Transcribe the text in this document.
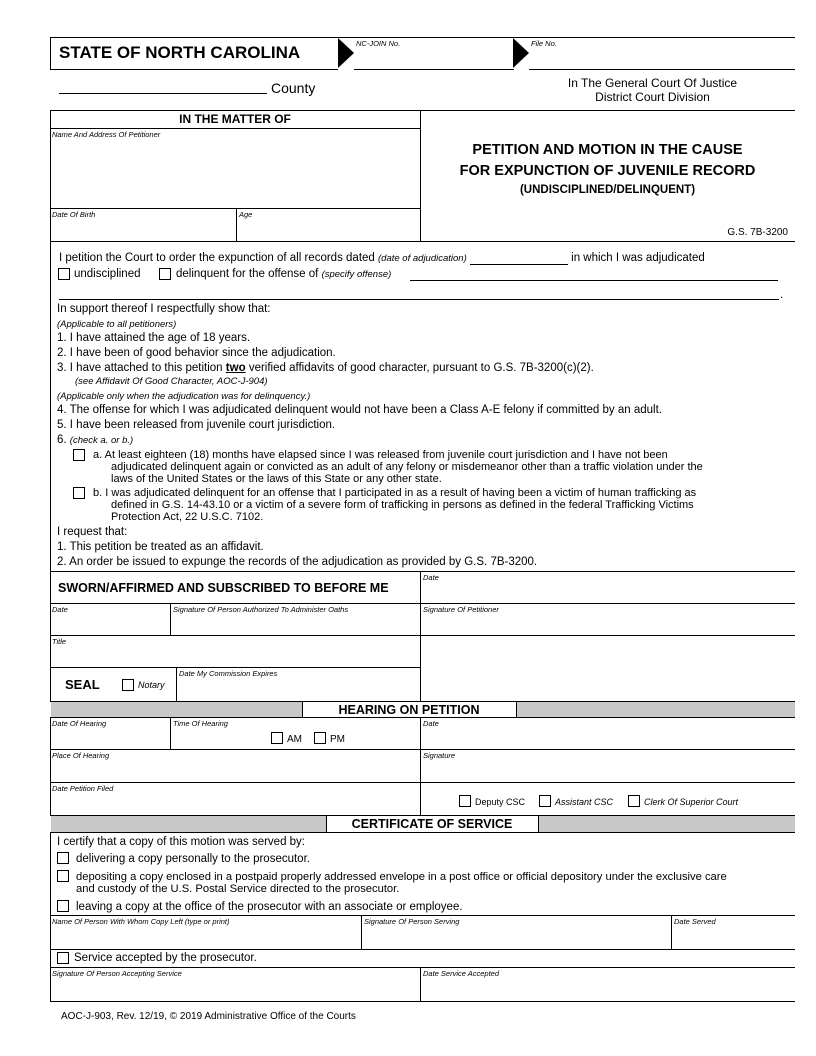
STATE OF NORTH CAROLINA	NC-JOIN No.	File No.
County	In The General Court Of Justice
District Court Division
IN THE MATTER OF
Name And Address Of Petitioner
Date Of Birth	Age
PETITION AND MOTION IN THE CAUSE
FOR EXPUNCTION OF JUVENILE RECORD
(UNDISCIPLINED/DELINQUENT)
G.S. 7B-3200
I petition the Court to order the expunction of all records dated (date of adjudication)	in which I was adjudicated
undisciplined	delinquent for the offense of (specify offense)
.
In support thereof I respectfully show that:
(Applicable to all petitioners)
1. I have attained the age of 18 years.
2. I have been of good behavior since the adjudication.
3. I have attached to this petition two verified affidavits of good character, pursuant to G.S. 7B-3200(c)(2).
(see Affidavit Of Good Character, AOC-J-904)
(Applicable only when the adjudication was for delinquency.)
4. The offense for which I was adjudicated delinquent would not have been a Class A-E felony if committed by an adult.
5. I have been released from juvenile court jurisdiction.
6. (check a. or b.)
a. At least eighteen (18) months have elapsed since I was released from juvenile court jurisdiction and I have not been
adjudicated delinquent again or convicted as an adult of any felony or misdemeanor other than a traffic violation under the
laws of the United States or the laws of this State or any other state.
b. I was adjudicated delinquent for an offense that I participated in as a result of having been a victim of human trafficking as
defined in G.S. 14-43.10 or a victim of a severe form of trafficking in persons as defined in the federal Trafficking Victims
Protection Act, 22 U.S.C. 7102.
I request that:
1. This petition be treated as an affidavit.
2. An order be issued to expunge the records of the adjudication as provided by G.S. 7B-3200.
SWORN/AFFIRMED AND SUBSCRIBED TO BEFORE ME
Date
Date	Signature Of Person Authorized To Administer Oaths	Signature Of Petitioner
Title
SEAL	Notary
Date My Commission Expires
HEARING ON PETITION
Date Of Hearing	Time Of Hearing
AM	PM
Date
Place Of Hearing	Signature
Date Petition Filed
Deputy CSC	Assistant CSC	Clerk Of Superior Court
CERTIFICATE OF SERVICE
I certify that a copy of this motion was served by:
delivering a copy personally to the prosecutor.
depositing a copy enclosed in a postpaid properly addressed envelope in a post office or official depository under the exclusive care
and custody of the U.S. Postal Service directed to the prosecutor.
leaving a copy at the office of the prosecutor with an associate or employee.
Name Of Person With Whom Copy Left (type or print)	Signature Of Person Serving	Date Served
Service accepted by the prosecutor.
Signature Of Person Accepting Service	Date Service Accepted
AOC-J-903, Rev. 12/19, © 2019 Administrative Office of the Courts
